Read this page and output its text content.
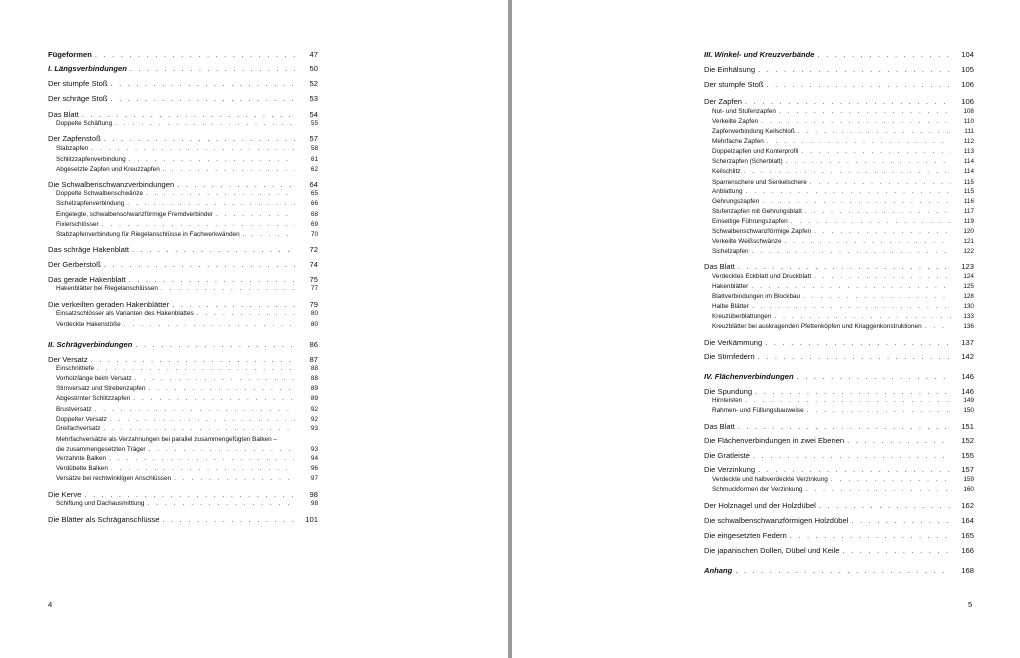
Fügeformen . . .	47
I. Längsverbindungen . . .	50
Der stumpfe Stoß . . .	52
Der schräge Stoß . . .	53
Das Blatt . . .	54
Doppelte Schäftung . . .	55
Der Zapfenstoß . . .	57
Stabzapfen . . .	58
Schlitzzapfenverbindung . . .	61
Abgesetzte Zapfen und Kreuzzapfen . . .	62
Die Schwalbenschwanzverbindungen . . .	64
Doppelte Schwalbenschwänze . . .	65
Sichelzapfenverbindung . . .	66
Eingelegte, schwalbenschwanzförmige Fremdverbinder . . .	68
Fixierschlösser . . .	69
Stabzapfenverbindung für Riegelanschlüsse in Fachwerkwänden . . .	70
Das schräge Hakenblatt . . .	72
Der Gerberstoß . . .	74
Das gerade Hakenblatt . . .	75
Hakenblätter bei Riegelanschlüssen . . .	77
Die verkeilten geraden Hakenblätter . . .	79
Einsatzschlösser als Varianten des Hakenblattes . . .	80
Verdeckte Hakenstöße . . .	80
II. Schrägverbindungen . . .	86
Der Versatz . . .	87
Einschnittiefe . . .	88
Vorholzlänge beim Versatz . . .	88
Stirnversatz und Strebenzapfen . . .	89
Abgestirnter Schlitzzapfen . . .	89
Brustversatz . . .	92
Doppelter Versatz . . .	92
Dreifachversatz . . .	93
Mehrfachversätze als Verzahnungen bei parallel zusammengefügten Balken –
die zusammengesetzten Träger . . .	93
Verzahnte Balken . . .	94
Verdübelte Balken . . .	96
Versätze bei rechtwinkligen Anschlüssen . . .	97
Die Kerve . . .	98
Schiftung und Dachausmittlung . . .	98
Die Blätter als Schräganschlüsse . . .	101
4
III. Winkel- und Kreuzverbände . . .	104
Die Einhälsung . . .	105
Der stumpfe Stoß . . .	106
Der Zapfen . . .	106
Nut- und Stufenzapfen . . .	108
Verkeilte Zapfen . . .	110
Zapfenverbindung Keilschloß . . .	111
Mehrfache Zapfen . . .	112
Doppelzapfen und Konterprofil . . .	113
Scherzapfen (Scherblatt) . . .	114
Keilschlitz . . .	114
Sparrenschere und Senkelschere . . .	115
Anblattung . . .	115
Gehrungszapfen . . .	116
Stufenzapfen mit Gehrungsblatt . . .	117
Einseitige Führungszapfen . . .	119
Schwalbenschwanzförmige Zapfen . . .	120
Verkeilte Weißschwänze . . .	121
Sichelzapfen . . .	122
Das Blatt . . .	123
Verdecktes Eckblatt und Druckblatt . . .	124
Hakenblätter . . .	125
Blattverbindungen im Blockbau . . .	128
Halbe Blätter . . .	130
Kreuzüberblattungen . . .	133
Kreuzblätter bei auskragenden Pfettenköpfen und Knaggenkonstruktionen . . .	136
Die Verkämmung . . .	137
Die Stirnfedern . . .	142
IV. Flächenverbindungen . . .	146
Die Spundung . . .	146
Hirnleisten . . .	149
Rahmen- und Füllungsbauweise . . .	150
Das Blatt . . .	151
Die Flächenverbindungen in zwei Ebenen . . .	152
Die Gratleiste . . .	155
Die Verzinkung . . .	157
Verdeckte und halbverdeckte Verzinkung . . .	159
Schmuckformen der Verzinkung . . .	160
Der Holznagel und der Holzdübel . . .	162
Die schwalbenschwanzförmigen Holzdübel . . .	164
Die eingesetzten Federn . . .	165
Die japanischen Dollen, Dübel und Keile . . .	166
Anhang . . .	168
5
